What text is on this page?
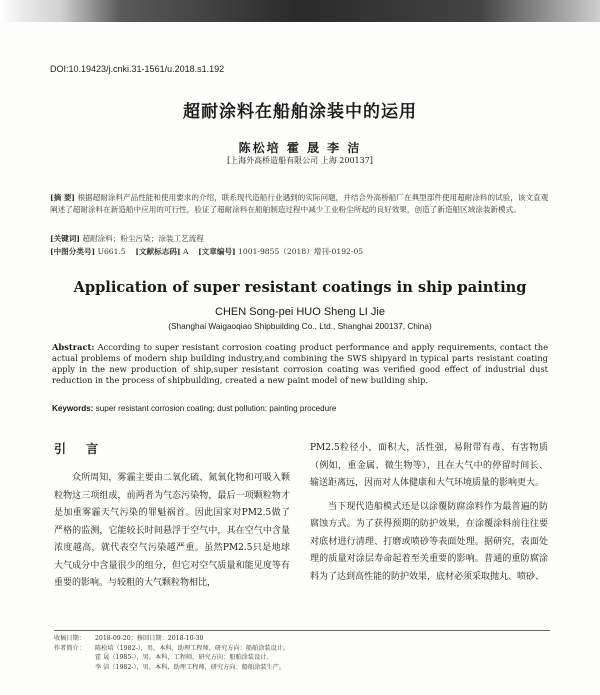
DOI:10.19423/j.cnki.31-1561/u.2018.s1.192
超耐涂料在船舶涂装中的运用
陈松培 霍 晟 李 洁
[上海外高桥造船有限公司 上海 200137]
[摘 要] 根据超耐涂料产品性能和使用要求的介绍，联系现代造船行业遇到的实际问题，并结合外高桥船厂在典型部件使用超耐涂料的试验，该文直观阐述了超耐涂料在新造船中应用的可行性，验证了超耐涂料在船舶制造过程中减少工业粉尘所起的良好效果，创造了新造船区域涂装新模式。
[关键词] 超耐涂料；粉尘污染；涂装工艺流程
[中图分类号] U661.5 [文献标志码] A [文章编号] 1001-9855（2018）增刊-0192-05
Application of super resistant coatings in ship painting
CHEN Song-pei HUO Sheng LI Jie
(Shanghai Waigaoqiao Shipbuilding Co., Ltd., Shanghai 200137, China)
Abstract: According to super resistant corrosion coating product performance and apply requirements, contact the actual problems of modern ship building industry,and combining the SWS shipyard in typical parts resistant coating apply in the new production of ship,super resistant corrosion coating was verified good effect of industrial dust reduction in the process of shipbuilding, created a new paint model of new building ship.
Keywords: super resistant corrosion coating; dust pollution; painting procedure
引 言

众所周知，雾霾主要由二氧化硫、氮氧化物和可吸入颗粒物这三项组成，前两者为气态污染物，最后一项颗粒物才是加重雾霾天气污染的罪魁祸首。因此国家对PM2.5做了严格的监测，它能较长时间悬浮于空气中，其在空气中含量浓度越高，就代表空气污染越严重。虽然PM2.5只是地球大气成分中含量很少的组分，但它对空气质量和能见度等有重要的影响。与较粗的大气颗粒物相比，

PM2.5粒径小，面积大，活性强，易附带有毒、有害物质（例如，重金属、微生物等），且在大气中的停留时间长、输送距离远，因而对人体健康和大气环境质量的影响更大。

当下现代造船模式还是以涂覆防腐涂料作为最普遍的防腐蚀方式。为了获得预期的防护效果，在涂覆涂料前往往要对底材进行清理、打磨或喷砂等表面处理。据研究，表面处理的质量对涂层寿命起着至关重要的影响。普通的重防腐涂料为了达到高性能的防护效果，底材必须采取抛丸、喷砂、

收稿日期：	2018-09-20；修回日期：2018-10-30
作者简介：	陈松培（1982-），男，本科，助理工程师，研究方向：船舶涂装设计。
霍 晟（1985-），男，本科，工程师，研究方向：船舶涂装设计。
李 洁（1982-），男，本科，助理工程师，研究方向：船舶涂装生产。
